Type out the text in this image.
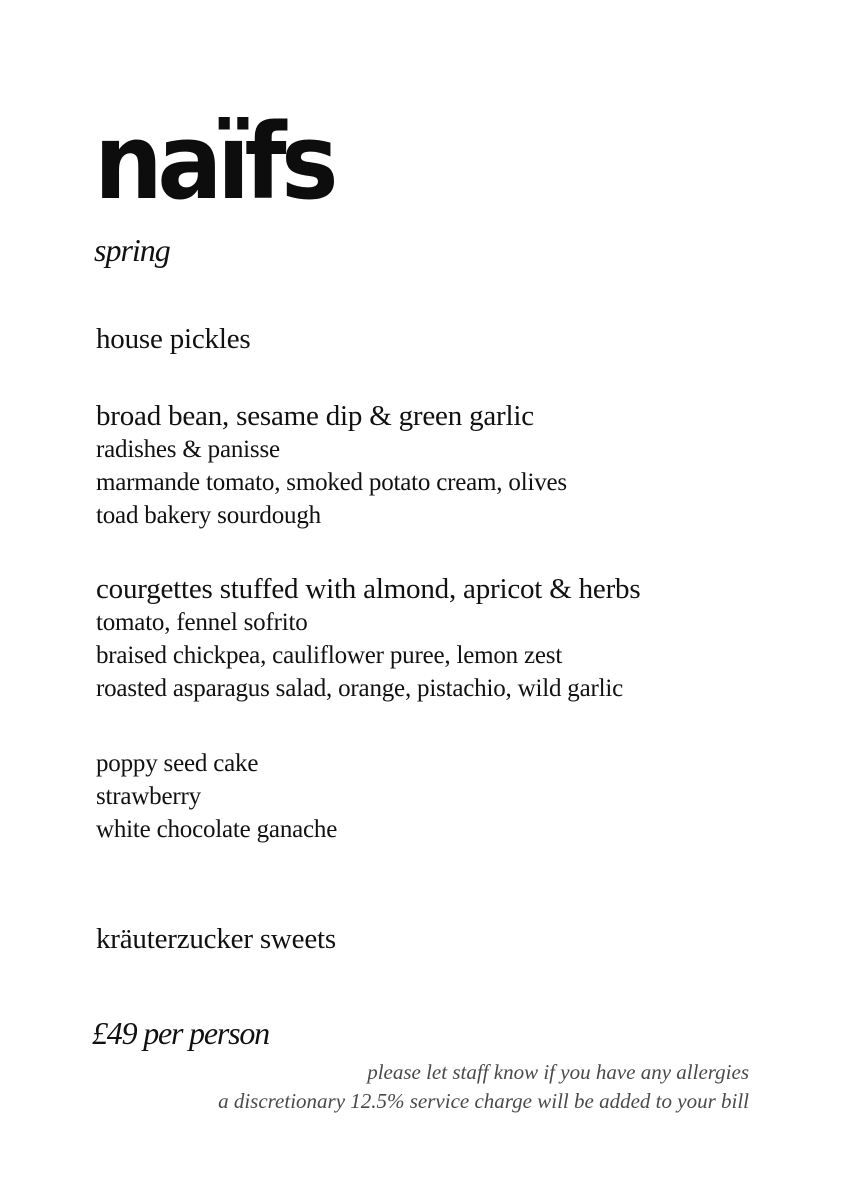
naïfs
spring
house pickles
broad bean, sesame dip & green garlic
radishes & panisse
marmande tomato, smoked potato cream, olives
toad bakery sourdough
courgettes stuffed with almond, apricot & herbs
tomato, fennel sofrito
braised chickpea, cauliflower puree, lemon zest
roasted asparagus salad, orange, pistachio, wild garlic
poppy seed cake
strawberry
white chocolate ganache
kräuterzucker sweets
£49 per person
please let staff know if you have any allergies
a discretionary 12.5% service charge will be added to your bill
